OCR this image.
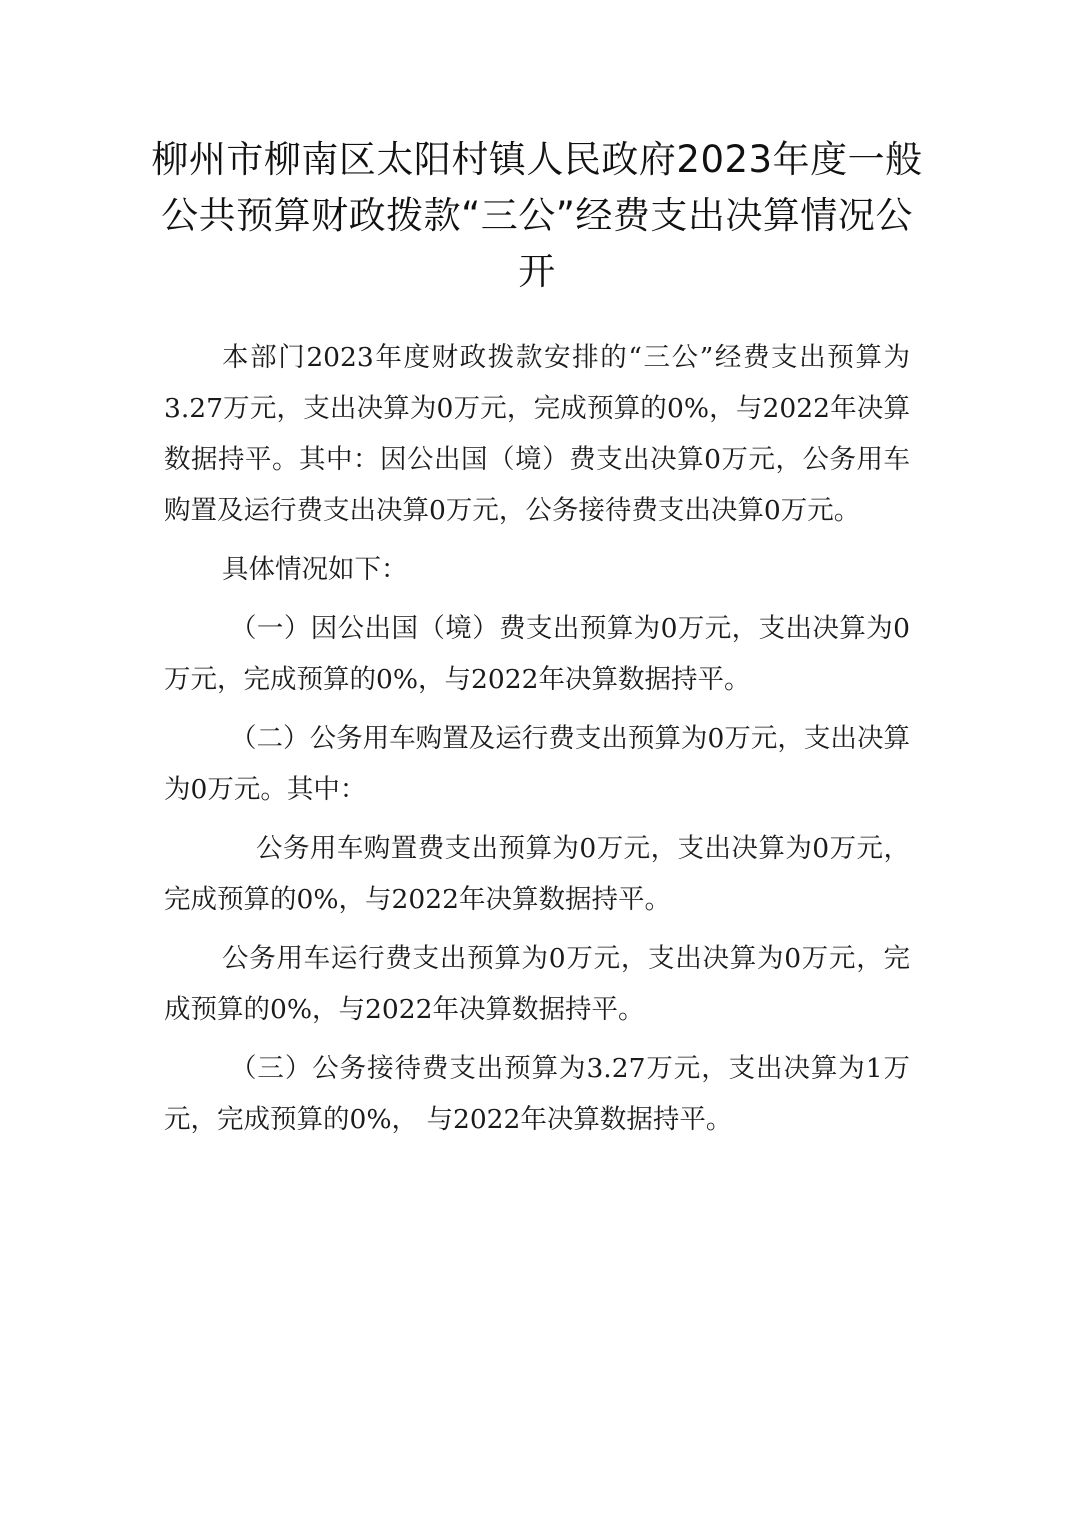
柳州市柳南区太阳村镇人民政府2023年度一般
公共预算财政拨款“三公”经费支出决算情况公
开

本部门2023年度财政拨款安排的“三公”经费支出预算为3.27万元，支出决算为0万元，完成预算的0%，与2022年决算数据持平。其中：因公出国（境）费支出决算0万元，公务用车购置及运行费支出决算0万元，公务接待费支出决算0万元。

具体情况如下：

（一）因公出国（境）费支出预算为0万元，支出决算为0万元，完成预算的0%，与2022年决算数据持平。

（二）公务用车购置及运行费支出预算为0万元，支出决算为0万元。其中：

公务用车购置费支出预算为0万元，支出决算为0万元，完成预算的0%，与2022年决算数据持平。

公务用车运行费支出预算为0万元，支出决算为0万元，完成预算的0%，与2022年决算数据持平。

（三）公务接待费支出预算为3.27万元，支出决算为1万元，完成预算的0%， 与2022年决算数据持平。
